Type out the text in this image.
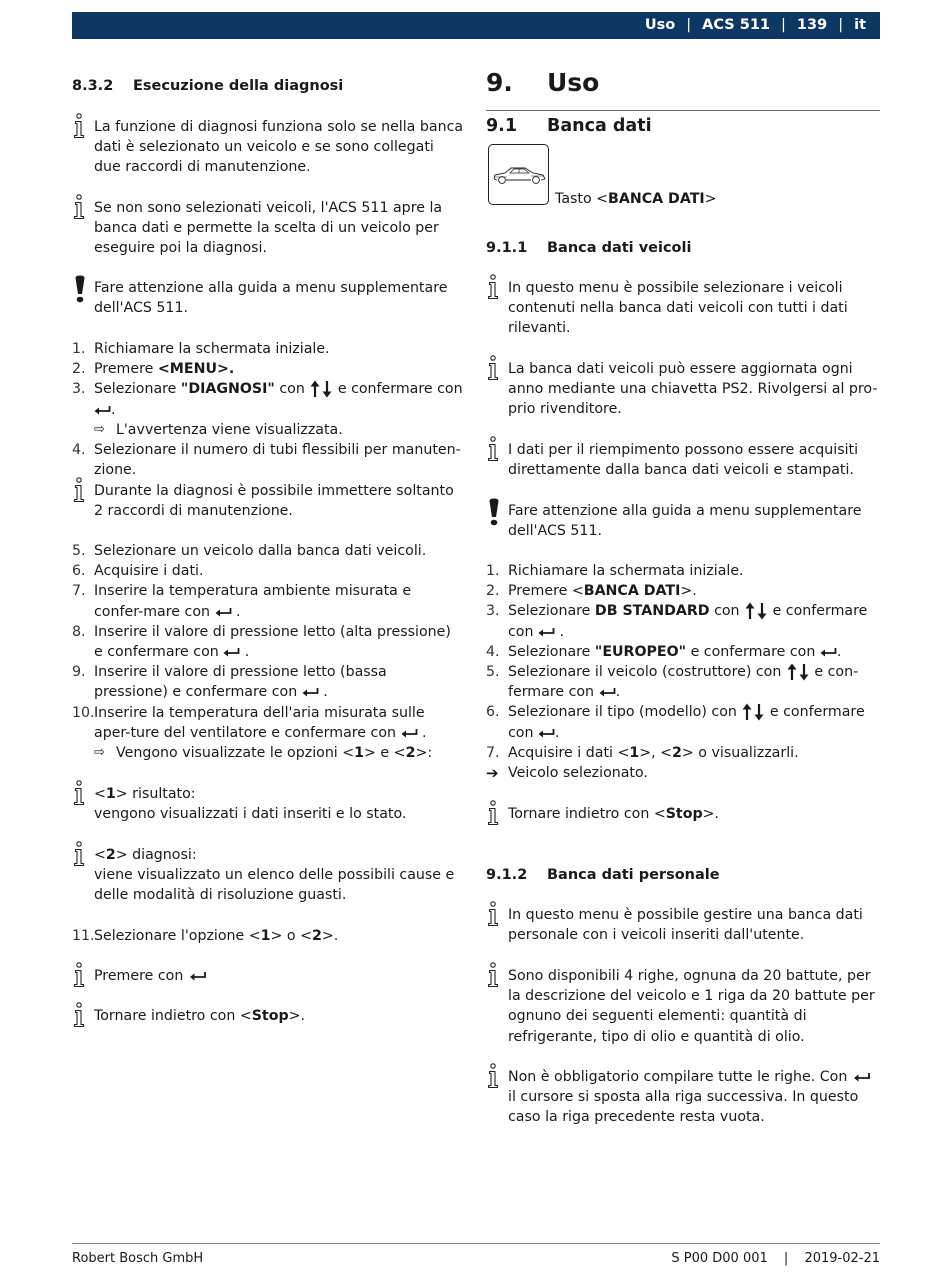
Uso | ACS 511 | 139 | it
8.3.2	Esecuzione della diagnosi
La funzione di diagnosi funziona solo se nella banca dati è selezionato un veicolo e se sono collegati due raccordi di manutenzione.
Se non sono selezionati veicoli, l'ACS 511 apre la banca dati e permette la scelta di un veicolo per eseguire poi la diagnosi.
Fare attenzione alla guida a menu supplementare dell'ACS 511.
1. Richiamare la schermata iniziale.
2. Premere <MENU>.
3. Selezionare "DIAGNOSI" con  e confermare con .
⇨ L'avvertenza viene visualizzata.
4. Selezionare il numero di tubi flessibili per manuten-zione.
Durante la diagnosi è possibile immettere soltanto 2 raccordi di manutenzione.
5. Selezionare un veicolo dalla banca dati veicoli.
6. Acquisire i dati.
7. Inserire la temperatura ambiente misurata e confer-mare con  .
8. Inserire il valore di pressione letto (alta pressione) e confermare con  .
9. Inserire il valore di pressione letto (bassa pressione) e confermare con  .
10. Inserire la temperatura dell'aria misurata sulle aper-ture del ventilatore e confermare con  .
⇨ Vengono visualizzate le opzioni <1> e <2>:
<1> risultato:
vengono visualizzati i dati inseriti e lo stato.
<2> diagnosi:
viene visualizzato un elenco delle possibili cause e delle modalità di risoluzione guasti.
11. Selezionare l'opzione <1> o <2>.
Premere con
Tornare indietro con <Stop>.
9.	Uso
9.1	Banca dati
Tasto <BANCA DATI>
9.1.1	Banca dati veicoli
In questo menu è possibile selezionare i veicoli contenuti nella banca dati veicoli con tutti i dati rilevanti.
La banca dati veicoli può essere aggiornata ogni anno mediante una chiavetta PS2. Rivolgersi al pro-prio rivenditore.
I dati per il riempimento possono essere acquisiti direttamente dalla banca dati veicoli e stampati.
Fare attenzione alla guida a menu supplementare dell'ACS 511.
1. Richiamare la schermata iniziale.
2. Premere <BANCA DATI>.
3. Selezionare DB STANDARD con  e confermare con  .
4. Selezionare "EUROPEO" e confermare con .
5. Selezionare il veicolo (costruttore) con  e con-fermare con .
6. Selezionare il tipo (modello) con  e confermare con .
7. Acquisire i dati <1>, <2> o visualizzarli.
➔ Veicolo selezionato.
Tornare indietro con <Stop>.
9.1.2	Banca dati personale
In questo menu è possibile gestire una banca dati personale con i veicoli inseriti dall'utente.
Sono disponibili 4 righe, ognuna da 20 battute, per la descrizione del veicolo e 1 riga da 20 battute per ognuno dei seguenti elementi: quantità di refrigerante, tipo di olio e quantità di olio.
Non è obbligatorio compilare tutte le righe. Con  il cursore si sposta alla riga successiva. In questo caso la riga precedente resta vuota.
Robert Bosch GmbH	S P00 D00 001 | 2019-02-21
